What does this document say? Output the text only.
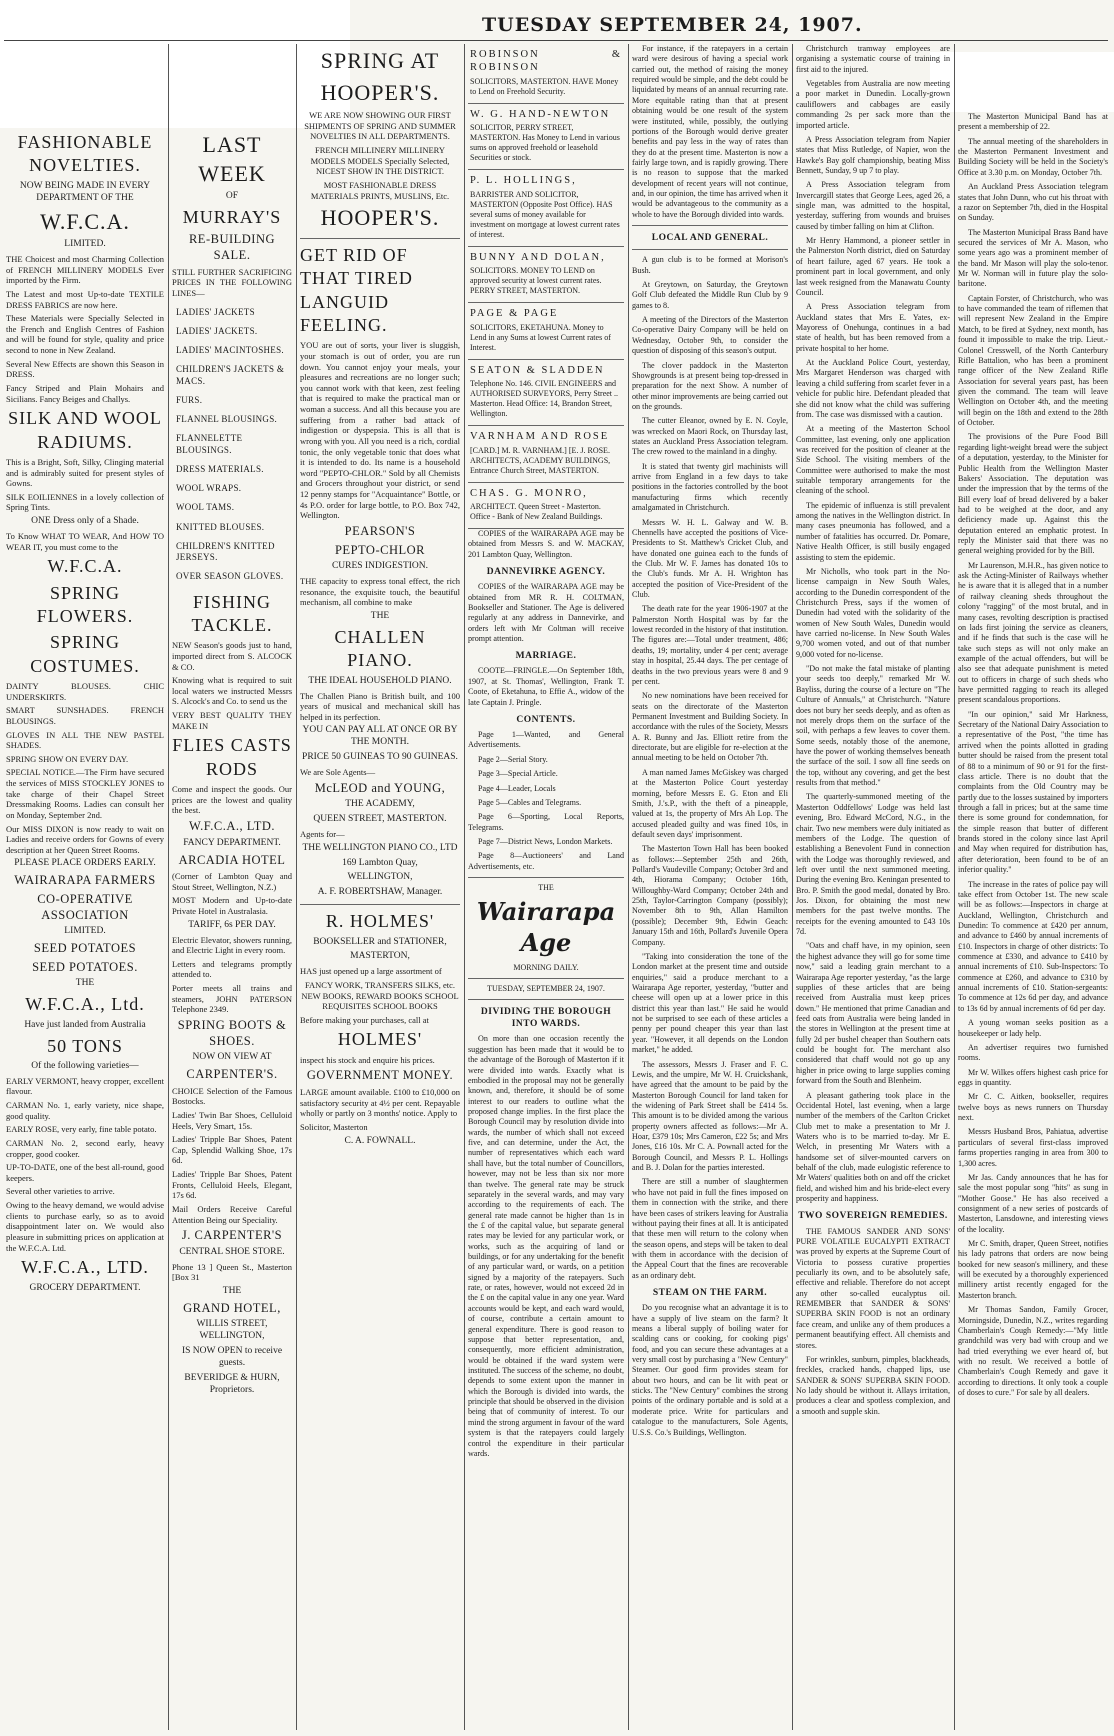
TUESDAY SEPTEMBER 24, 1907.

FASHIONABLE NOVELTIES.

NOW BEING MADE IN EVERY DEPARTMENT OF THE

W.F.C.A.

LIMITED.

THE Choicest and most Charming Collection of FRENCH MILLINERY MODELS Ever imported by the Firm.

The Latest and most Up-to-date TEXTILE DRESS FABRICS are now here.

These Materials were Specially Selected in the French and English Centres of Fashion and will be found for style, quality and price second to none in New Zealand.

Several New Effects are shown this Season in DRESS.

Fancy Striped and Plain Mohairs and Sicilians. Fancy Beiges and Challys.

SILK AND WOOL RADIUMS.

This is a Bright, Soft, Silky, Clinging material and is admirably suited for present styles of Gowns.

SILK EOILIENNES in a lovely collection of Spring Tints.

ONE Dress only of a Shade.

To Know WHAT TO WEAR, And HOW TO WEAR IT, you must come to the

W.F.C.A.

SPRING FLOWERS.

SPRING COSTUMES.

DAINTY BLOUSES. CHIC UNDERSKIRTS.

SMART SUNSHADES. FRENCH BLOUSINGS.

GLOVES IN ALL THE NEW PASTEL SHADES.

SPRING SHOW ON EVERY DAY.

SPECIAL NOTICE.—The Firm have secured the services of MISS STOCKLEY JONES to take charge of their Chapel Street Dressmaking Rooms. Ladies can consult her on Monday, September 2nd.

Our MISS DIXON is now ready to wait on Ladies and receive orders for Gowns of every description at her Queen Street Rooms.

PLEASE PLACE ORDERS EARLY.

WAIRARAPA FARMERS

CO-OPERATIVE ASSOCIATION

LIMITED.

SEED POTATOES

SEED POTATOES.

THE

W.F.C.A., Ltd.

Have just landed from Australia

50 TONS

Of the following varieties—

EARLY VERMONT, heavy cropper, excellent flavour.

CARMAN No. 1, early variety, nice shape, good quality.

EARLY ROSE, very early, fine table potato.

CARMAN No. 2, second early, heavy cropper, good cooker.

UP-TO-DATE, one of the best all-round, good keepers.

Several other varieties to arrive.

Owing to the heavy demand, we would advise clients to purchase early, so as to avoid disappointment later on. We would also pleasure in submitting prices on application at the W.F.C.A. Ltd.

W.F.C.A., LTD.

GROCERY DEPARTMENT.

LAST WEEK

OF

MURRAY'S

RE-BUILDING SALE.

STILL FURTHER SACRIFICING PRICES IN THE FOLLOWING LINES—

LADIES' JACKETS

LADIES' JACKETS.

LADIES' MACINTOSHES.

CHILDREN'S JACKETS & MACS.

FURS.

FLANNEL BLOUSINGS.

FLANNELETTE BLOUSINGS.

DRESS MATERIALS.

WOOL WRAPS.

WOOL TAMS.

KNITTED BLOUSES.

CHILDREN'S KNITTED JERSEYS.

OVER SEASON GLOVES.

FISHING TACKLE.

NEW Season's goods just to hand, imported direct from S. ALCOCK & CO.

Knowing what is required to suit local waters we instructed Messrs S. Alcock's and Co. to send us the

VERY BEST QUALITY THEY MAKE IN

FLIES CASTS RODS

Come and inspect the goods. Our prices are the lowest and quality the best.

W.F.C.A., LTD.

FANCY DEPARTMENT.

ARCADIA HOTEL

(Corner of Lambton Quay and Stout Street, Wellington, N.Z.)

MOST Modern and Up-to-date Private Hotel in Australasia.

TARIFF, 6s PER DAY.

Electric Elevator, showers running, and Electric Light in every room.

Letters and telegrams promptly attended to.

Porter meets all trains and steamers, JOHN PATERSON Telephone 2349.

SPRING BOOTS & SHOES.

NOW ON VIEW AT

CARPENTER'S.

CHOICE Selection of the Famous Bostocks.

Ladies' Twin Bar Shoes, Celluloid Heels, Very Smart, 15s.

Ladies' Tripple Bar Shoes, Patent Cap, Splendid Walking Shoe, 17s 6d.

Ladies' Tripple Bar Shoes, Patent Fronts, Celluloid Heels, Elegant, 17s 6d.

Mail Orders Receive Careful Attention Being our Speciality.

J. CARPENTER'S

CENTRAL SHOE STORE.

Phone 13 ] Queen St., Masterton [Box 31

THE

GRAND HOTEL,

WILLIS STREET, WELLINGTON,

IS NOW OPEN to receive guests.

BEVERIDGE & HURN, Proprietors.

SPRING AT

HOOPER'S.

WE ARE NOW SHOWING OUR FIRST SHIPMENTS OF SPRING AND SUMMER NOVELTIES IN ALL DEPARTMENTS.

FRENCH MILLINERY MILLINERY MODELS MODELS Specially Selected, NICEST SHOW IN THE DISTRICT.

MOST FASHIONABLE DRESS MATERIALS PRINTS, MUSLINS, Etc.

HOOPER'S.

GET RID OF THAT TIRED LANGUID FEELING.

YOU are out of sorts, your liver is sluggish, your stomach is out of order, you are run down. You cannot enjoy your meals, your pleasures and recreations are no longer such; you cannot work with that keen, zest feeling that is required to make the practical man or woman a success. And all this because you are suffering from a rather bad attack of indigestion or dyspepsia. This is all that is wrong with you. All you need is a rich, cordial tonic, the only vegetable tonic that does what it is intended to do. Its name is a household word "PEPTO-CHLOR." Sold by all Chemists and Grocers throughout your district, or send 12 penny stamps for "Acquaintance" Bottle, or 4s P.O. order for large bottle, to P.O. Box 742, Wellington.

PEARSON'S

PEPTO-CHLOR

CURES INDIGESTION.

THE capacity to express tonal effect, the rich resonance, the exquisite touch, the beautiful mechanism, all combine to make

THE

CHALLEN PIANO.

THE IDEAL HOUSEHOLD PIANO.

The Challen Piano is British built, and 100 years of musical and mechanical skill has helped in its perfection.

YOU CAN PAY ALL AT ONCE OR BY THE MONTH.

PRICE 50 GUINEAS TO 90 GUINEAS.

We are Sole Agents—

McLEOD and YOUNG,

THE ACADEMY,

QUEEN STREET, MASTERTON.

Agents for—

THE WELLINGTON PIANO CO., LTD

169 Lambton Quay,

WELLINGTON,

A. F. ROBERTSHAW, Manager.

R. HOLMES'

BOOKSELLER and STATIONER,

MASTERTON,

HAS just opened up a large assortment of

FANCY WORK, TRANSFERS SILKS, etc. NEW BOOKS, REWARD BOOKS SCHOOL REQUISITES SCHOOL BOOKS

Before making your purchases, call at

HOLMES'

inspect his stock and enquire his prices.

GOVERNMENT MONEY.

LARGE amount available. £100 to £10,000 on satisfactory security at 4½ per cent. Repayable wholly or partly on 3 months' notice. Apply to

Solicitor, Masterton

C. A. FOWNALL.

ROBINSON & ROBINSON
SOLICITORS, MASTERTON. HAVE Money to Lend on Freehold Security.
W. G. HAND-NEWTON
SOLICITOR, PERRY STREET, MASTERTON. Has Money to Lend in various sums on approved freehold or leasehold Securities or stock.
P. L. HOLLINGS,
BARRISTER AND SOLICITOR, MASTERTON (Opposite Post Office). HAS several sums of money available for investment on mortgage at lowest current rates of interest.
BUNNY AND DOLAN,
SOLICITORS. MONEY TO LEND on approved security at lowest current rates. PERRY STREET, MASTERTON.
PAGE & PAGE
SOLICITORS, EKETAHUNA. Money to Lend in any Sums at lowest Current rates of Interest.
SEATON & SLADDEN
Telephone No. 146. CIVIL ENGINEERS and AUTHORISED SURVEYORS, Perry Street .. Masterton. Head Office: 14, Brandon Street, Wellington.
VARNHAM AND ROSE
[CARD.] M. R. VARNHAM.] [E. J. ROSE. ARCHITECTS, ACADEMY BUILDINGS, Entrance Church Street, MASTERTON.
CHAS. G. MONRO,
ARCHITECT. Queen Street - Masterton. Office - Bank of New Zealand Buildings.

COPIES of the WAIRARAPA AGE may be obtained from Messrs S. and W. MACKAY, 201 Lambton Quay, Wellington.

DANNEVIRKE AGENCY.

COPIES of the WAIRARAPA AGE may be obtained from MR R. H. COLTMAN, Bookseller and Stationer. The Age is delivered regularly at any address in Dannevirke, and orders left with Mr Coltman will receive prompt attention.

MARRIAGE.

COOTE—FRINGLE.—On September 18th, 1907, at St. Thomas', Wellington, Frank T. Coote, of Eketahuna, to Effie A., widow of the late Captain J. Pringle.

CONTENTS.

Page 1—Wanted, and General Advertisements.

Page 2—Serial Story.

Page 3—Special Article.

Page 4—Leader, Locals

Page 5—Cables and Telegrams.

Page 6—Sporting, Local Reports, Telegrams.

Page 7—District News, London Markets.

Page 8—Auctioneers' and Land Advertisements, etc.

THE
Wairarapa Age
MORNING DAILY.
TUESDAY, SEPTEMBER 24, 1907.
DIVIDING THE BOROUGH INTO WARDS.

On more than one occasion recently the suggestion has been made that it would be to the advantage of the Borough of Masterton if it were divided into wards. Exactly what is embodied in the proposal may not be generally known, and, therefore, it should be of some interest to our readers to outline what the proposed change implies. In the first place the Borough Council may by resolution divide into wards, the number of which shall not exceed five, and can determine, under the Act, the number of representatives which each ward shall have, but the total number of Councillors, however, may not be less than six nor more than twelve. The general rate may be struck separately in the several wards, and may vary according to the requirements of each. The general rate made cannot be higher than 1s in the £ of the capital value, but separate general rates may be levied for any particular work, or works, such as the acquiring of land or buildings, or for any undertaking for the benefit of any particular ward, or wards, on a petition signed by a majority of the ratepayers. Such rate, or rates, however, would not exceed 2d in the £ on the capital value in any one year. Ward accounts would be kept, and each ward would, of course, contribute a certain amount to general expenditure. There is good reason to suppose that better representation, and, consequently, more efficient administration, would be obtained if the ward system were instituted. The success of the scheme, no doubt, depends to some extent upon the manner in which the Borough is divided into wards, the principle that should be observed in the division being that of community of interest. To our mind the strong argument in favour of the ward system is that the ratepayers could largely control the expenditure in their particular wards.

For instance, if the ratepayers in a certain ward were desirous of having a special work carried out, the method of raising the money required would be simple, and the debt could be liquidated by means of an annual recurring rate. More equitable rating than that at present obtaining would be one result of the system were instituted, while, possibly, the outlying portions of the Borough would derive greater benefits and pay less in the way of rates than they do at the present time. Masterton is now a fairly large town, and is rapidly growing. There is no reason to suppose that the marked development of recent years will not continue, and, in our opinion, the time has arrived when it would be advantageous to the community as a whole to have the Borough divided into wards.

LOCAL AND GENERAL.

A gun club is to be formed at Morison's Bush.

At Greytown, on Saturday, the Greytown Golf Club defeated the Middle Run Club by 9 games to 8.

A meeting of the Directors of the Masterton Co-operative Dairy Company will be held on Wednesday, October 9th, to consider the question of disposing of this season's output.

The clover paddock in the Masterton Showgrounds is at present being top-dressed in preparation for the next Show. A number of other minor improvements are being carried out on the grounds.

The cutter Eleanor, owned by E. N. Coyle, was wrecked on Maori Rock, on Thursday last, states an Auckland Press Association telegram. The crew rowed to the mainland in a dinghy.

It is stated that twenty girl machinists will arrive from England in a few days to take positions in the factories controlled by the boot manufacturing firms which recently amalgamated in Christchurch.

Messrs W. H. L. Galway and W. B. Chennells have accepted the positions of Vice-Presidents to St. Matthew's Cricket Club, and have donated one guinea each to the funds of the Club. Mr W. F. James has donated 10s to the Club's funds. Mr A. H. Wrighton has accepted the position of Vice-President of the Club.

The death rate for the year 1906-1907 at the Palmerston North Hospital was by far the lowest recorded in the history of that institution. The figures are:—Total under treatment, 486; deaths, 19; mortality, under 4 per cent; average stay in hospital, 25.44 days. The per centage of deaths in the two previous years were 8 and 9 per cent.

No new nominations have been received for seats on the directorate of the Masterton Permanent Investment and Building Society. In accordance with the rules of the Society, Messrs A. R. Bunny and Jas. Elliott retire from the directorate, but are eligible for re-election at the annual meeting to be held on October 7th.

A man named James McGiskey was charged at the Masterton Police Court yesterday morning, before Messrs E. G. Eton and Eli Smith, J.'s.P., with the theft of a pineapple, valued at 1s, the property of Mrs Ah Lop. The accused pleaded guilty and was fined 10s, in default seven days' imprisonment.

The Masterton Town Hall has been booked as follows:—September 25th and 26th, Pollard's Vaudeville Company; October 3rd and 4th, Hiorama Company; October 16th, Willoughby-Ward Company; October 24th and 25th, Taylor-Carrington Company (possibly); November 8th to 9th, Allan Hamilton (possible); December 9th, Edwin Geach: January 15th and 16th, Pollard's Juvenile Opera Company.

"Taking into consideration the tone of the London market at the present time and outside enquiries," said a produce merchant to a Wairarapa Age reporter, yesterday, "butter and cheese will open up at a lower price in this district this year than last." He said he would not be surprised to see each of these articles a penny per pound cheaper this year than last year. "However, it all depends on the London market," he added.

The assessors, Messrs J. Fraser and F. C. Lewis, and the umpire, Mr W. H. Cruickshank, have agreed that the amount to be paid by the Masterton Borough Council for land taken for the widening of Park Street shall be £414 5s. This amount is to be divided among the various property owners affected as follows:—Mr A. Hoar, £379 10s; Mrs Cameron, £22 5s; and Mrs Jones, £16 10s. Mr C. A. Pownall acted for the Borough Council, and Messrs P. L. Hollings and B. J. Dolan for the parties interested.

There are still a number of slaughtermen who have not paid in full the fines imposed on them in connection with the strike, and there have been cases of strikers leaving for Australia without paying their fines at all. It is anticipated that these men will return to the colony when the season opens, and steps will be taken to deal with them in accordance with the decision of the Appeal Court that the fines are recoverable as an ordinary debt.

STEAM ON THE FARM.

Do you recognise what an advantage it is to have a supply of live steam on the farm? It means a liberal supply of boiling water for scalding cans or cooking, for cooking pigs' food, and you can secure these advantages at a very small cost by purchasing a "New Century" Steamer. Our good firm provides steam for about two hours, and can be lit with peat or sticks. The "New Century" combines the strong points of the ordinary portable and is sold at a moderate price. Write for particulars and catalogue to the manufacturers, Sole Agents, U.S.S. Co.'s Buildings, Wellington.

Christchurch tramway employees are organising a systematic course of training in first aid to the injured.

Vegetables from Australia are now meeting a poor market in Dunedin. Locally-grown cauliflowers and cabbages are easily commanding 2s per sack more than the imported article.

A Press Association telegram from Napier states that Miss Rutledge, of Napier, won the Hawke's Bay golf championship, beating Miss Bennett, Sunday, 9 up 7 to play.

A Press Association telegram from Invercargill states that George Lees, aged 26, a single man, was admitted to the hospital, yesterday, suffering from wounds and bruises caused by timber falling on him at Clifton.

Mr Henry Hammond, a pioneer settler in the Palmerston North district, died on Saturday of heart failure, aged 67 years. He took a prominent part in local government, and only last week resigned from the Manawatu County Council.

A Press Association telegram from Auckland states that Mrs E. Yates, ex-Mayoress of Onehunga, continues in a bad state of health, but has been removed from a private hospital to her home.

At the Auckland Police Court, yesterday, Mrs Margaret Henderson was charged with leaving a child suffering from scarlet fever in a vehicle for public hire. Defendant pleaded that she did not know what the child was suffering from. The case was dismissed with a caution.

At a meeting of the Masterton School Committee, last evening, only one application was received for the position of cleaner at the Side School. The visiting members of the Committee were authorised to make the most suitable temporary arrangements for the cleaning of the school.

The epidemic of influenza is still prevalent among the natives in the Wellington district. In many cases pneumonia has followed, and a number of fatalities has occurred. Dr. Pomare, Native Health Officer, is still busily engaged assisting to stem the epidemic.

Mr Nicholls, who took part in the No-license campaign in New South Wales, according to the Dunedin correspondent of the Christchurch Press, says if the women of Dunedin had voted with the solidarity of the women of New South Wales, Dunedin would have carried no-license. In New South Wales 9,700 women voted, and out of that number 9,000 voted for no-license.

"Do not make the fatal mistake of planting your seeds too deeply," remarked Mr W. Bayliss, during the course of a lecture on "The Culture of Annuals," at Christchurch. "Nature does not bury her seeds deeply, and as often as not merely drops them on the surface of the soil, with perhaps a few leaves to cover them. Some seeds, notably those of the anemone, have the power of working themselves beneath the surface of the soil. I sow all fine seeds on the top, without any covering, and get the best results from that method."

The quarterly-summoned meeting of the Masterton Oddfellows' Lodge was held last evening, Bro. Edward McCord, N.G., in the chair. Two new members were duly initiated as members of the Lodge. The question of establishing a Benevolent Fund in connection with the Lodge was thoroughly reviewed, and left over until the next summoned meeting. During the evening Bro. Keningan presented to Bro. P. Smith the good medal, donated by Bro. Jos. Dixon, for obtaining the most new members for the past twelve months. The receipts for the evening amounted to £43 10s 7d.

"Oats and chaff have, in my opinion, seen the highest advance they will go for some time now," said a leading grain merchant to a Wairarapa Age reporter yesterday, "as the large supplies of these articles that are being received from Australia must keep prices down." He mentioned that prime Canadian and feed oats from Australia were being landed in the stores in Wellington at the present time at fully 2d per bushel cheaper than Southern oats could be bought for. The merchant also considered that chaff would not go up any higher in price owing to large supplies coming forward from the South and Blenheim.

A pleasant gathering took place in the Occidental Hotel, last evening, when a large number of the members of the Carlton Cricket Club met to make a presentation to Mr J. Waters who is to be married to-day. Mr E. Welch, in presenting Mr Waters with a handsome set of silver-mounted carvers on behalf of the club, made eulogistic reference to Mr Waters' qualities both on and off the cricket field, and wished him and his bride-elect every prosperity and happiness.

TWO SOVEREIGN REMEDIES.

THE FAMOUS SANDER AND SONS' PURE VOLATILE EUCALYPTI EXTRACT was proved by experts at the Supreme Court of Victoria to possess curative properties peculiarly its own, and to be absolutely safe, effective and reliable. Therefore do not accept any other so-called eucalyptus oil. REMEMBER that SANDER & SONS' SUPERBA SKIN FOOD is not an ordinary face cream, and unlike any of them produces a permanent beautifying effect. All chemists and stores.

For wrinkles, sunburn, pimples, blackheads, freckles, cracked hands, chapped lips, use SANDER & SONS' SUPERBA SKIN FOOD. No lady should be without it. Allays irritation, produces a clear and spotless complexion, and a smooth and supple skin.

The Masterton Municipal Band has at present a membership of 22.

The annual meeting of the shareholders in the Masterton Permanent Investment and Building Society will be held in the Society's Office at 3.30 p.m. on Monday, October 7th.

An Auckland Press Association telegram states that John Dunn, who cut his throat with a razor on September 7th, died in the Hospital on Sunday.

The Masterton Municipal Brass Band have secured the services of Mr A. Mason, who some years ago was a prominent member of the band. Mr Mason will play the solo-tenor. Mr W. Norman will in future play the solo-baritone.

Captain Forster, of Christchurch, who was to have commanded the team of riflemen that will represent New Zealand in the Empire Match, to be fired at Sydney, next month, has found it impossible to make the trip. Lieut.-Colonel Cresswell, of the North Canterbury Rifle Battalion, who has been a prominent range officer of the New Zealand Rifle Association for several years past, has been given the command. The team will leave Wellington on October 4th, and the meeting will begin on the 18th and extend to the 28th of October.

The provisions of the Pure Food Bill regarding light-weight bread were the subject of a deputation, yesterday, to the Minister for Public Health from the Wellington Master Bakers' Association. The deputation was under the impression that by the terms of the Bill every loaf of bread delivered by a baker had to be weighed at the door, and any deficiency made up. Against this the deputation entered an emphatic protest. In reply the Minister said that there was no general weighing provided for by the Bill.

Mr Laurenson, M.H.R., has given notice to ask the Acting-Minister of Railways whether he is aware that it is alleged that in a number of railway cleaning sheds throughout the colony "ragging" of the most brutal, and in many cases, revolting description is practised on lads first joining the service as cleaners, and if he finds that such is the case will he take such steps as will not only make an example of the actual offenders, but will be also see that adequate punishment is meted out to officers in charge of such sheds who have permitted ragging to reach its alleged present scandalous proportions.

"In our opinion," said Mr Harkness, Secretary of the National Dairy Association to a representative of the Post, "the time has arrived when the points allotted in grading butter should be raised from the present total of 88 to a minimum of 90 or 91 for the first-class article. There is no doubt that the complaints from the Old Country may be partly due to the losses sustained by importers through a fall in prices; but at the same time there is some ground for condemnation, for the simple reason that butter of different brands stored in the colony since last April and May when required for distribution has, after deterioration, been found to be of an inferior quality."

The increase in the rates of police pay will take effect from October 1st. The new scale will be as follows:—Inspectors in charge at Auckland, Wellington, Christchurch and Dunedin: To commence at £420 per annum, and advance to £460 by annual increments of £10. Inspectors in charge of other districts: To commence at £330, and advance to £410 by annual increments of £10. Sub-Inspectors: To commence at £260, and advance to £310 by annual increments of £10. Station-sergeants: To commence at 12s 6d per day, and advance to 13s 6d by annual increments of 6d per day.

A young woman seeks position as a housekeeper or lady help.

An advertiser requires two furnished rooms.

Mr W. Wilkes offers highest cash price for eggs in quantity.

Mr C. C. Aitken, bookseller, requires twelve boys as news runners on Thursday next.

Messrs Husband Bros, Pahiatua, advertise particulars of several first-class improved farms properties ranging in area from 300 to 1,300 acres.

Mr Jas. Candy announces that he has for sale the most popular song "hits" as sung in "Mother Goose." He has also received a consignment of a new series of postcards of Masterton, Lansdowne, and interesting views of the locality.

Mr C. Smith, draper, Queen Street, notifies his lady patrons that orders are now being booked for new season's millinery, and these will be executed by a thoroughly experienced millinery artist recently engaged for the Masterton branch.

Mr Thomas Sandon, Family Grocer, Morningside, Dunedin, N.Z., writes regarding Chamberlain's Cough Remedy:—"My little grandchild was very bad with croup and we had tried everything we ever heard of, but with no result. We received a bottle of Chamberlain's Cough Remedy and gave it according to directions. It only took a couple of doses to cure." For sale by all dealers.
